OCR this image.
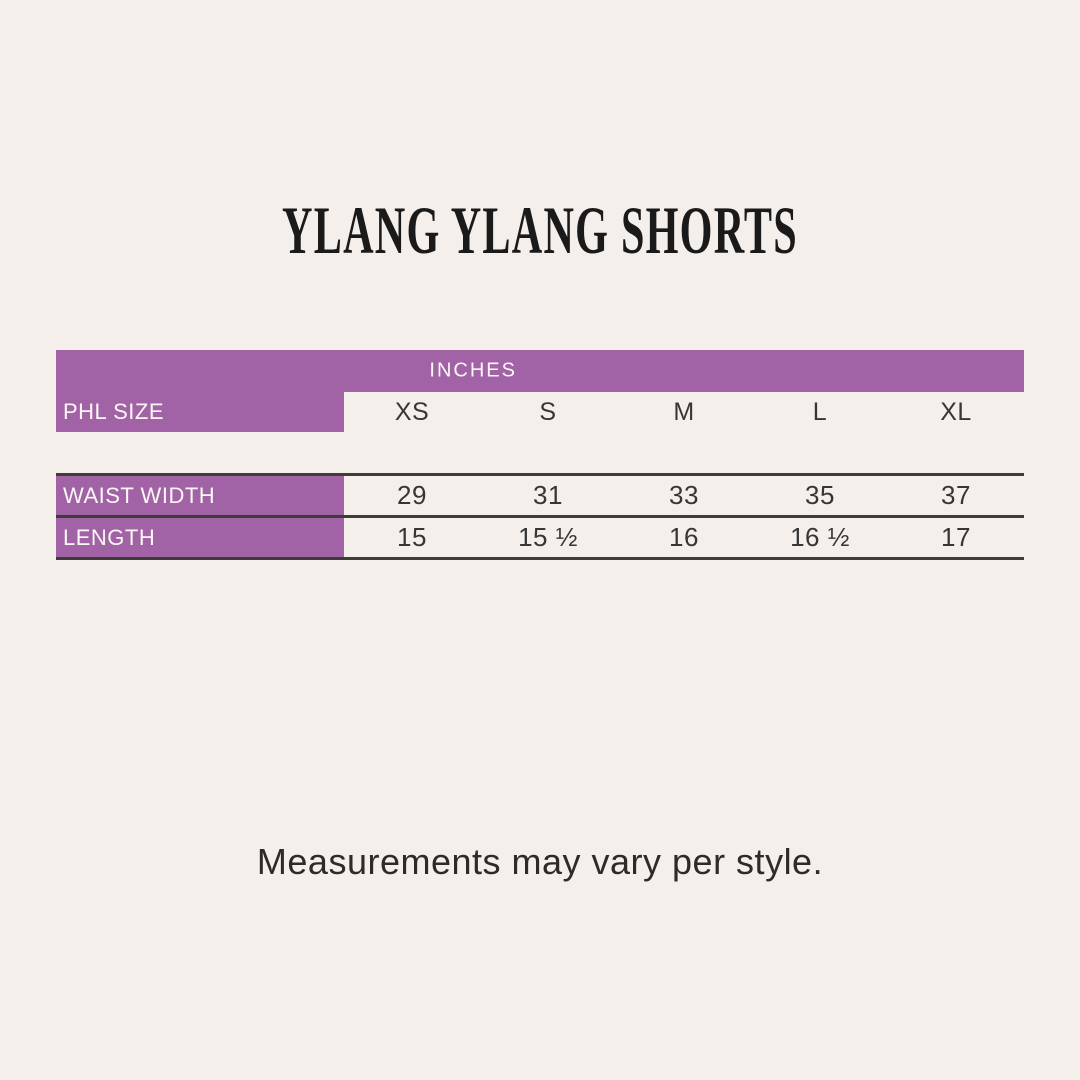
YLANG YLANG SHORTS
INCHES
PHL SIZE	XS	S	M	L	XL
WAIST WIDTH	29	31	33	35	37
LENGTH	15	15 ½	16	16 ½	17

Measurements may vary per style.
